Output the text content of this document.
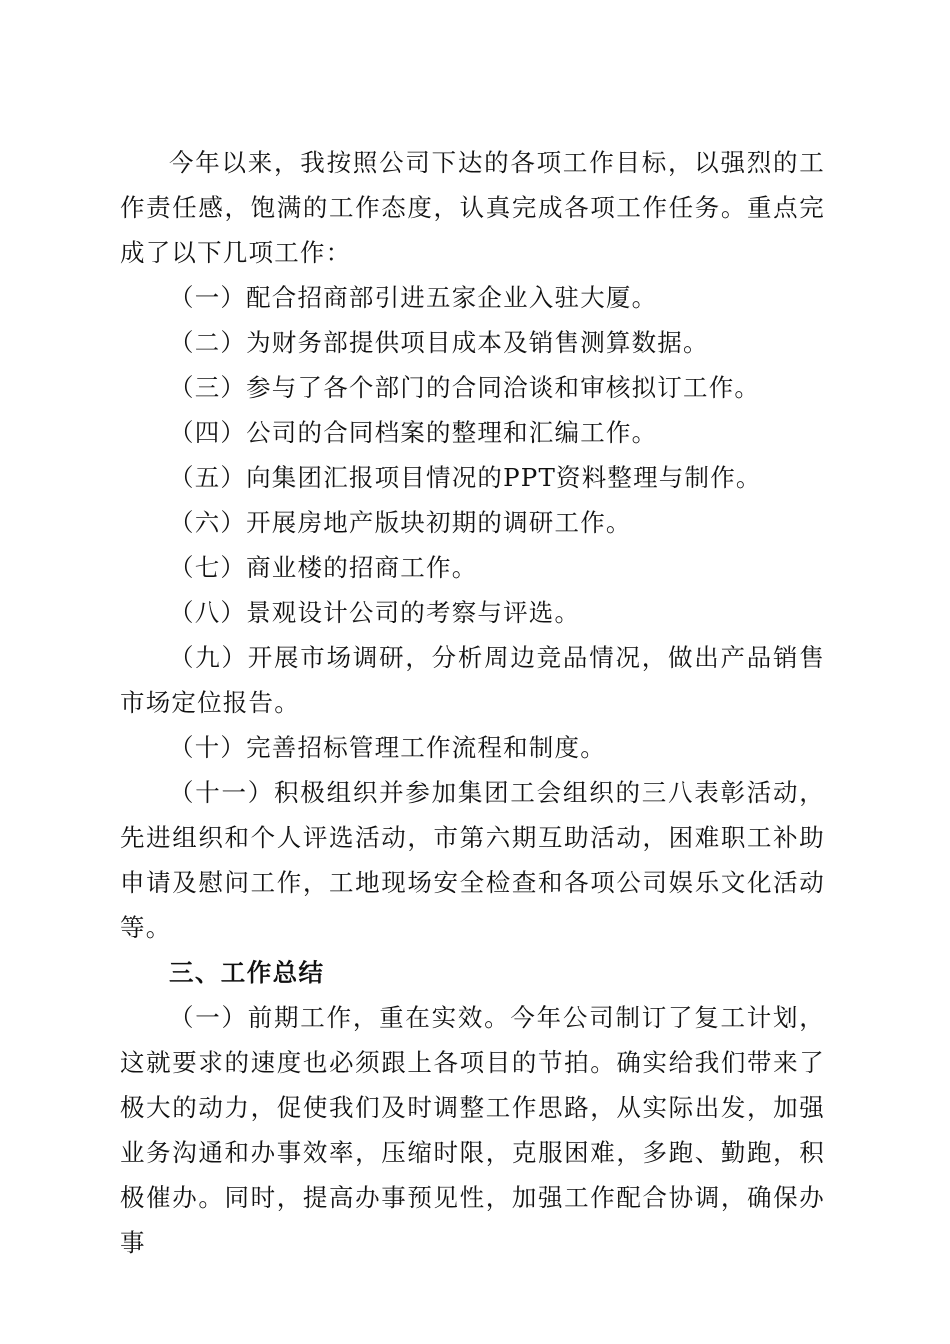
今年以来，我按照公司下达的各项工作目标，以强烈的工作责任感，饱满的工作态度，认真完成各项工作任务。重点完成了以下几项工作：

（一）配合招商部引进五家企业入驻大厦。

（二）为财务部提供项目成本及销售测算数据。

（三）参与了各个部门的合同洽谈和审核拟订工作。

（四）公司的合同档案的整理和汇编工作。

（五）向集团汇报项目情况的PPT资料整理与制作。

（六）开展房地产版块初期的调研工作。

（七）商业楼的招商工作。

（八）景观设计公司的考察与评选。

（九）开展市场调研，分析周边竞品情况，做出产品销售市场定位报告。

（十）完善招标管理工作流程和制度。

（十一）积极组织并参加集团工会组织的三八表彰活动，先进组织和个人评选活动，市第六期互助活动，困难职工补助申请及慰问工作，工地现场安全检查和各项公司娱乐文化活动等。

三、工作总结

（一）前期工作，重在实效。今年公司制订了复工计划，这就要求的速度也必须跟上各项目的节拍。确实给我们带来了极大的动力，促使我们及时调整工作思路，从实际出发，加强业务沟通和办事效率，压缩时限，克服困难，多跑、勤跑，积极催办。同时，提高办事预见性，加强工作配合协调，确保办事
